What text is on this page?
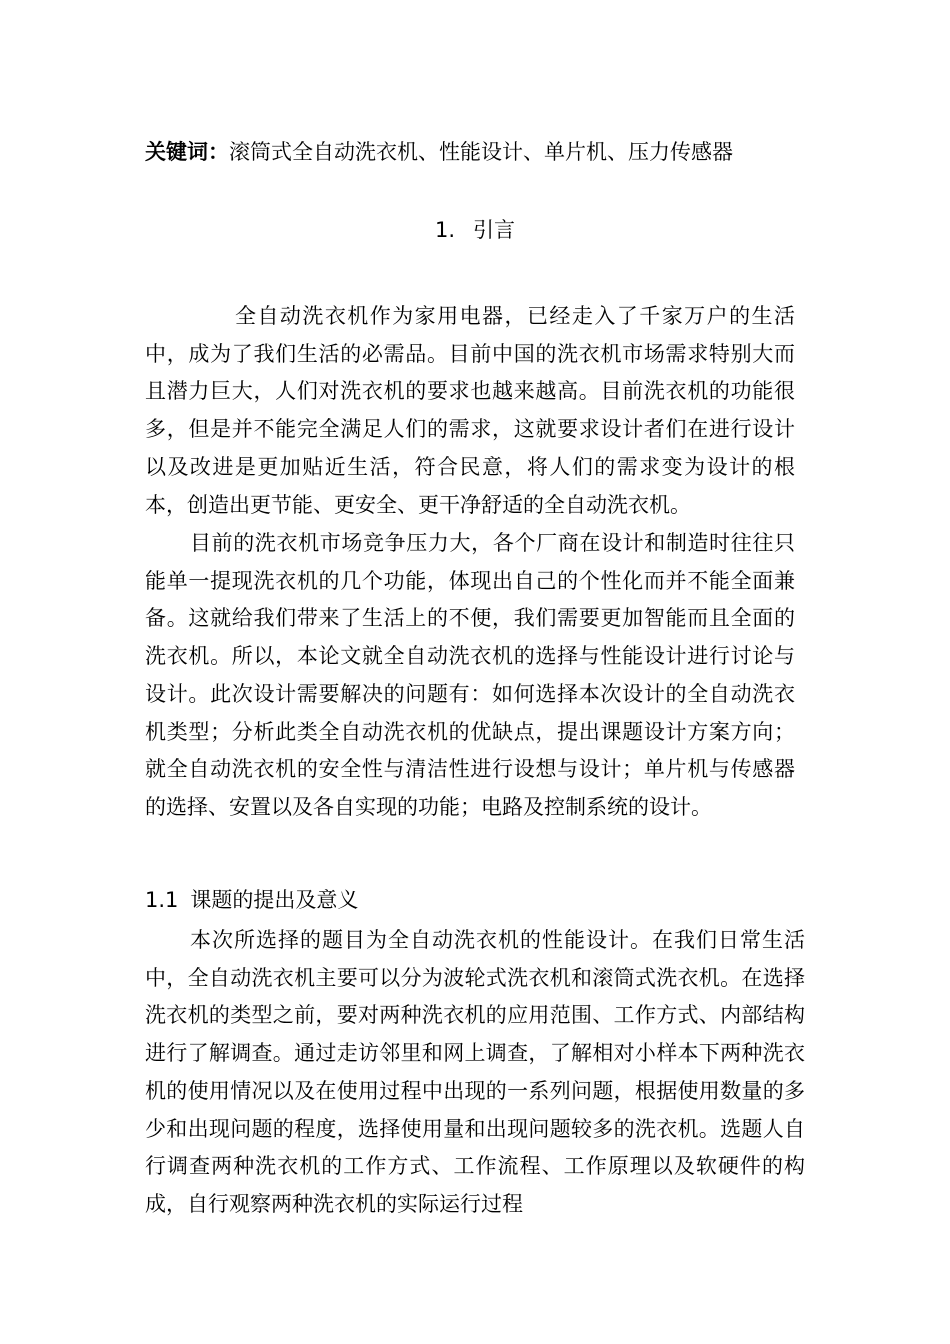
关键词：滚筒式全自动洗衣机、性能设计、单片机、压力传感器
1. 引言

全自动洗衣机作为家用电器，已经走入了千家万户的生活中，成为了我们生活的必需品。目前中国的洗衣机市场需求特别大而且潜力巨大，人们对洗衣机的要求也越来越高。目前洗衣机的功能很多，但是并不能完全满足人们的需求，这就要求设计者们在进行设计以及改进是更加贴近生活，符合民意，将人们的需求变为设计的根本，创造出更节能、更安全、更干净舒适的全自动洗衣机。

目前的洗衣机市场竞争压力大，各个厂商在设计和制造时往往只能单一提现洗衣机的几个功能，体现出自己的个性化而并不能全面兼备。这就给我们带来了生活上的不便，我们需要更加智能而且全面的洗衣机。所以，本论文就全自动洗衣机的选择与性能设计进行讨论与设计。此次设计需要解决的问题有：如何选择本次设计的全自动洗衣机类型；分析此类全自动洗衣机的优缺点，提出课题设计方案方向；就全自动洗衣机的安全性与清洁性进行设想与设计；单片机与传感器的选择、安置以及各自实现的功能；电路及控制系统的设计。

1.1 课题的提出及意义

本次所选择的题目为全自动洗衣机的性能设计。在我们日常生活中，全自动洗衣机主要可以分为波轮式洗衣机和滚筒式洗衣机。在选择洗衣机的类型之前，要对两种洗衣机的应用范围、工作方式、内部结构进行了解调查。通过走访邻里和网上调查，了解相对小样本下两种洗衣机的使用情况以及在使用过程中出现的一系列问题，根据使用数量的多少和出现问题的程度，选择使用量和出现问题较多的洗衣机。选题人自行调查两种洗衣机的工作方式、工作流程、工作原理以及软硬件的构成，自行观察两种洗衣机的实际运行过程
